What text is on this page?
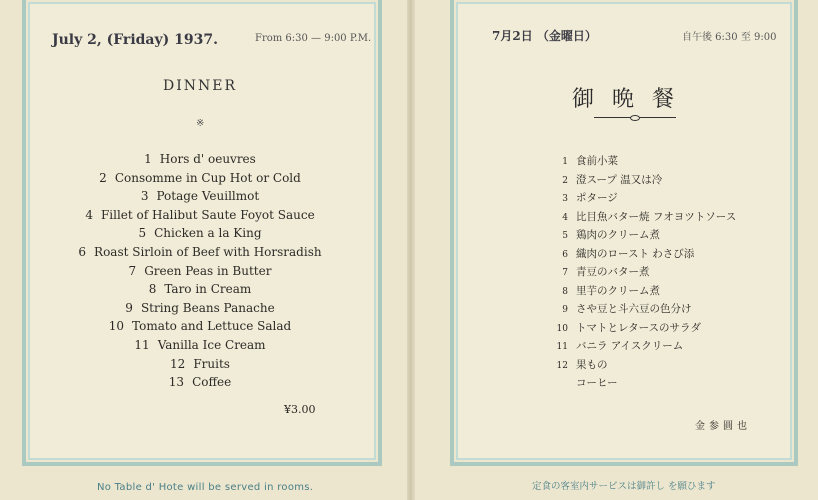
July 2, (Friday) 1937.	From 6:30 — 9:00 P.M.
DINNER
※
1 Hors d' oeuvres
2 Consomme in Cup Hot or Cold
3 Potage Veuillmot
4 Fillet of Halibut Saute Foyot Sauce
5 Chicken a la King
6 Roast Sirloin of Beef with Horsradish
7 Green Peas in Butter
8 Taro in Cream
9 String Beans Panache
10 Tomato and Lettuce Salad
11 Vanilla Ice Cream
12 Fruits
13 Coffee
¥3.00
No Table d' Hote will be served in rooms.
7月2日 （金曜日）	自午後 6:30 至 9:00
御晩餐
1 食前小菜
2 澄スープ 温又は冷
3 ポタージ
4 比目魚バター焼 フオヨツトソース
5 鶏肉のクリーム煮
6 織肉のロースト わさび添
7 青豆のバター煮
8 里芋のクリーム煮
9 さや豆と斗六豆の色分け
10 トマトとレタースのサラダ
11 バニラ アイスクリーム
12 果もの
コーヒー
金参圓也
定食の客室内サービスは御許し を願ひます
